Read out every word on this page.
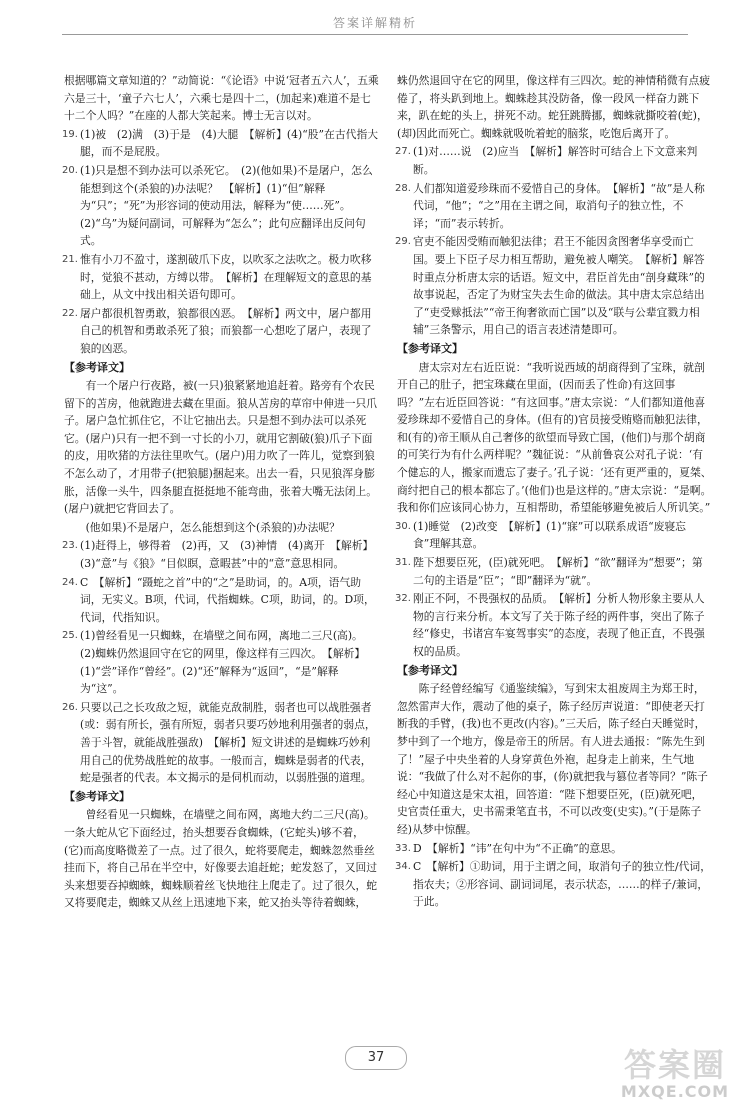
答案详解精析
根据哪篇文章知道的？”动简说：“《论语》中说‘冠者五六人’，五乘六是三十，‘童子六七人’，六乘七是四十二，(加起来)难道不是七十二个人吗？”在座的人都大笑起来。博士无言以对。
19. (1)被　(2)满　(3)于是　(4)大腿　【解析】(4)“股”在古代指大腿，而不是屁股。
20. (1)只是想不到办法可以杀死它。　(2)(他如果)不是屠户，怎么能想到这个(杀狼的)办法呢？　【解析】(1)“但”解释为“只”；“死”为形容词的使动用法，解释为“使……死”。(2)“乌”为疑问副词，可解释为“怎么”；此句应翻译出反问句式。
21. 惟有小刀不盈寸，遂割破爪下皮，以吹豕之法吹之。极力吹移时，觉狼不甚动，方缚以带。　【解析】在理解短文的意思的基础上，从文中找出相关语句即可。
22. 屠户都很机智勇敢，狼都很凶恶。　【解析】两文中，屠户都用自己的机智和勇敢杀死了狼；而狼都一心想吃了屠户，表现了狼的凶恶。
【参考译文】
有一个屠户行夜路，被(一只)狼紧紧地追赶着。路旁有个农民留下的苫房，他就跑进去藏在里面。狼从苫房的草帘中伸进一只爪子。屠户急忙抓住它，不让它抽出去。只是想不到办法可以杀死它。(屠户)只有一把不到一寸长的小刀，就用它割破(狼)爪子下面的皮，用吹猪的方法往里吹气。(屠户)用力吹了一阵儿，觉察到狼不怎么动了，才用带子(把狼腿)捆起来。出去一看，只见狼浑身膨胀，活像一头牛，四条腿直挺挺地不能弯曲，张着大嘴无法闭上。(屠户)就把它背回去了。
(他如果)不是屠户，怎么能想到这个(杀狼的)办法呢？
23. (1)赶得上，够得着　(2)再，又　(3)神情　(4)离开　【解析】(3)“意”与《狼》“目似瞑，意暇甚”中的“意”意思相同。
24. C　【解析】“蹑蛇之首”中的“之”是助词，的。A项，语气助词，无实义。B项，代词，代指蜘蛛。C项，助词，的。D项，代词，代指知识。
25. (1)曾经看见一只蜘蛛，在墙壁之间布网，离地二三尺(高)。　(2)蜘蛛仍然退回守在它的网里，像这样有三四次。　【解析】(1)“尝”译作“曾经”。(2)“还”解释为“返回”，“是”解释为“这”。
26. 只要以己之长攻敌之短，就能克敌制胜，弱者也可以战胜强者(或：弱有所长，强有所短，弱者只要巧妙地利用强者的弱点，善于斗智，就能战胜强敌)　【解析】短文讲述的是蜘蛛巧妙利用自己的优势战胜蛇的故事。一般而言，蜘蛛是弱者的代表，蛇是强者的代表。本文揭示的是伺机而动，以弱胜强的道理。
【参考译文】
曾经看见一只蜘蛛，在墙壁之间布网，离地大约二三尺(高)。一条大蛇从它下面经过，抬头想要吞食蜘蛛，(它蛇头)够不着，(它)而高度略微差了一点。过了很久，蛇将要爬走，蜘蛛忽然垂丝挂而下，将自己吊在半空中，好像要去追赶蛇；蛇发怒了，又回过头来想要吞掉蜘蛛，蜘蛛顺着丝飞快地往上爬走了。过了很久，蛇又将要爬走，蜘蛛又从丝上迅速地下来，蛇又抬头等待着蜘蛛，
蛛仍然退回守在它的网里，像这样有三四次。蛇的神情稍微有点疲倦了，将头趴到地上。蜘蛛趁其没防备，像一段风一样奋力跳下来，趴在蛇的头上，拼死不动。蛇狂跳腾挪，蜘蛛就撕咬着(蛇)，(却)因此而死亡。蜘蛛就吸吮着蛇的脑浆，吃饱后离开了。
27. (1)对……说　(2)应当　【解析】解答时可结合上下文意来判断。
28. 人们都知道爱珍珠而不爱惜自己的身体。　【解析】“故”是人称代词，“他”；“之”用在主谓之间，取消句子的独立性，不译；“而”表示转折。
29. 官吏不能因受贿而触犯法律；君王不能因贪图奢华享受而亡国。要上下臣子尽力相互帮助，避免被人嘲笑。　【解析】解答时重点分析唐太宗的话语。短文中，君臣首先由“剖身藏珠”的故事说起，否定了为财宝失去生命的做法。其中唐太宗总结出了“吏受赇抵法”“帝王徇奢欲而亡国”以及“联与公辈宜戮力相辅”三条警示，用自己的语言表述清楚即可。
【参考译文】
唐太宗对左右近臣说：“我听说西域的胡商得到了宝珠，就剖开自己的肚子，把宝珠藏在里面，(因而丢了性命)有这回事吗？”左右近臣回答说：“有这回事。”唐太宗说：“人们都知道他喜爱珍珠却不爱惜自己的身体。(但有的)官员接受贿赂而触犯法律，和(有的)帝王顺从自己奢侈的欲望而导致亡国，(他们)与那个胡商的可笑行为有什么两样呢？”魏征说：“从前鲁哀公对孔子说：‘有个健忘的人，搬家而遗忘了妻子。’孔子说：‘还有更严重的，夏桀、商纣把自己的根本都忘了。’(他们)也是这样的。”唐太宗说：“是啊。我和你们应该同心协力，互相帮助，希望能够避免被后人所讥笑。”
30. (1)睡觉　(2)改变　【解析】(1)“寐”可以联系成语“废寝忘食”理解其意。
31. 陛下想要臣死，(臣)就死吧。　【解析】“欲”翻译为“想要”；第二句的主语是“臣”；“即”翻译为“就”。
32. 刚正不阿，不畏强权的品质。　【解析】分析人物形象主要从人物的言行来分析。本文写了关于陈子经的两件事，突出了陈子经“修史，书诸宫车宴驾事实”的态度，表现了他正直，不畏强权的品质。
【参考译文】
陈子经曾经编写《通鉴续编》，写到宋太祖废周主为郑王时，忽然雷声大作，震动了他的桌子，陈子经厉声说道：“即使老天打断我的手臂，(我)也不更改(内容)。”三天后，陈子经白天睡觉时，梦中到了一个地方，像是帝王的所居。有人进去通报：“陈先生到了！”屋子中央坐着的人身穿黄色外袍，起身走上前来，生气地说：“我做了什么对不起你的事，(你)就把我与篡位者等同？”陈子经心中知道这是宋太祖，回答道：“陛下想要臣死，(臣)就死吧，史官责任重大，史书需秉笔直书，不可以改变(史实)。”(于是陈子经)从梦中惊醒。
33. D　【解析】“讳”在句中为“不正确”的意思。
34. C　【解析】①助词，用于主谓之间，取消句子的独立性/代词，指农夫；②形容词、副词词尾，表示状态，……的样子/兼词，于此。
37	答案圈
MXQE.COM
